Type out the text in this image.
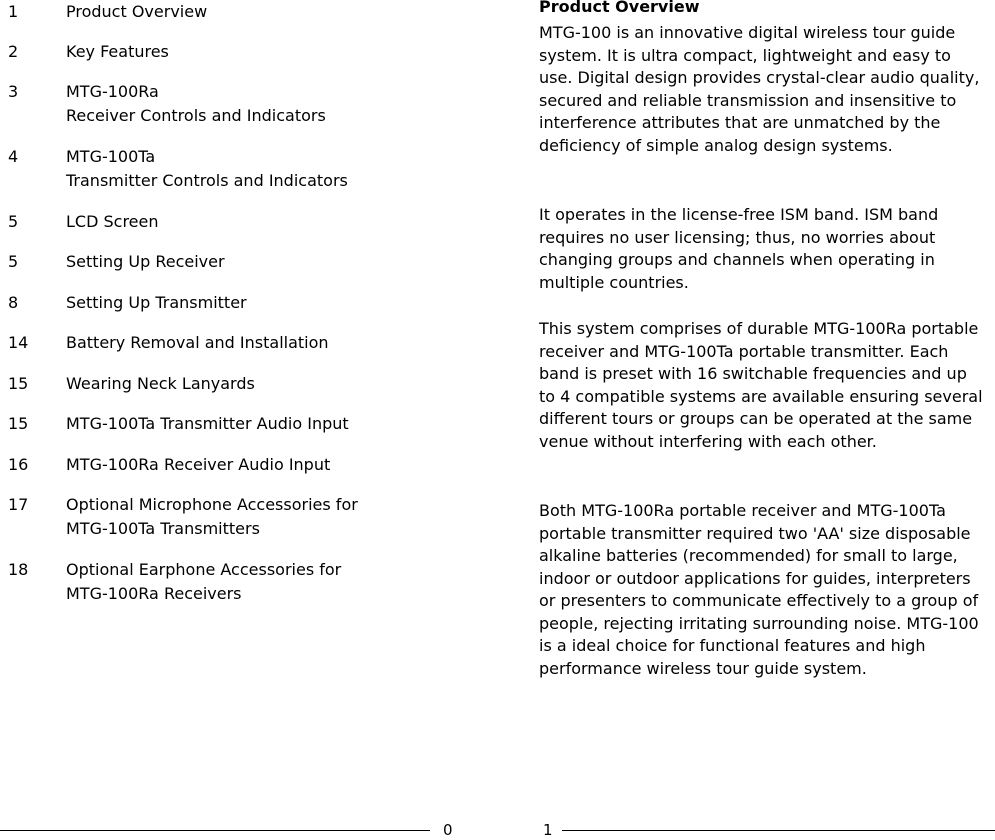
1	Product Overview
2	Key Features
3	MTG-100Ra
Receiver Controls and Indicators
4	MTG-100Ta
Transmitter Controls and Indicators
5	LCD Screen
5	Setting Up Receiver
8	Setting Up Transmitter
14	Battery Removal and Installation
15	Wearing Neck Lanyards
15	MTG-100Ta Transmitter Audio Input
16	MTG-100Ra Receiver Audio Input
17	Optional Microphone Accessories for
MTG-100Ta Transmitters
18	Optional Earphone Accessories for
MTG-100Ra Receivers
0
Product Overview

MTG-100 is an innovative digital wireless tour guide system. It is ultra compact, lightweight and easy to use. Digital design provides crystal-clear audio quality, secured and reliable transmission and insensitive to interference attributes that are unmatched by the deficiency of simple analog design systems.

It operates in the license-free ISM band. ISM band requires no user licensing; thus, no worries about changing groups and channels when operating in multiple countries.

This system comprises of durable MTG-100Ra portable receiver and MTG-100Ta portable transmitter. Each band is preset with 16 switchable frequencies and up to 4 compatible systems are available ensuring several different tours or groups can be operated at the same venue without interfering with each other.

Both MTG-100Ra portable receiver and MTG-100Ta portable transmitter required two 'AA' size disposable alkaline batteries (recommended) for small to large, indoor or outdoor applications for guides, interpreters or presenters to communicate effectively to a group of people, rejecting irritating surrounding noise. MTG-100 is a ideal choice for functional features and high performance wireless tour guide system.

1
